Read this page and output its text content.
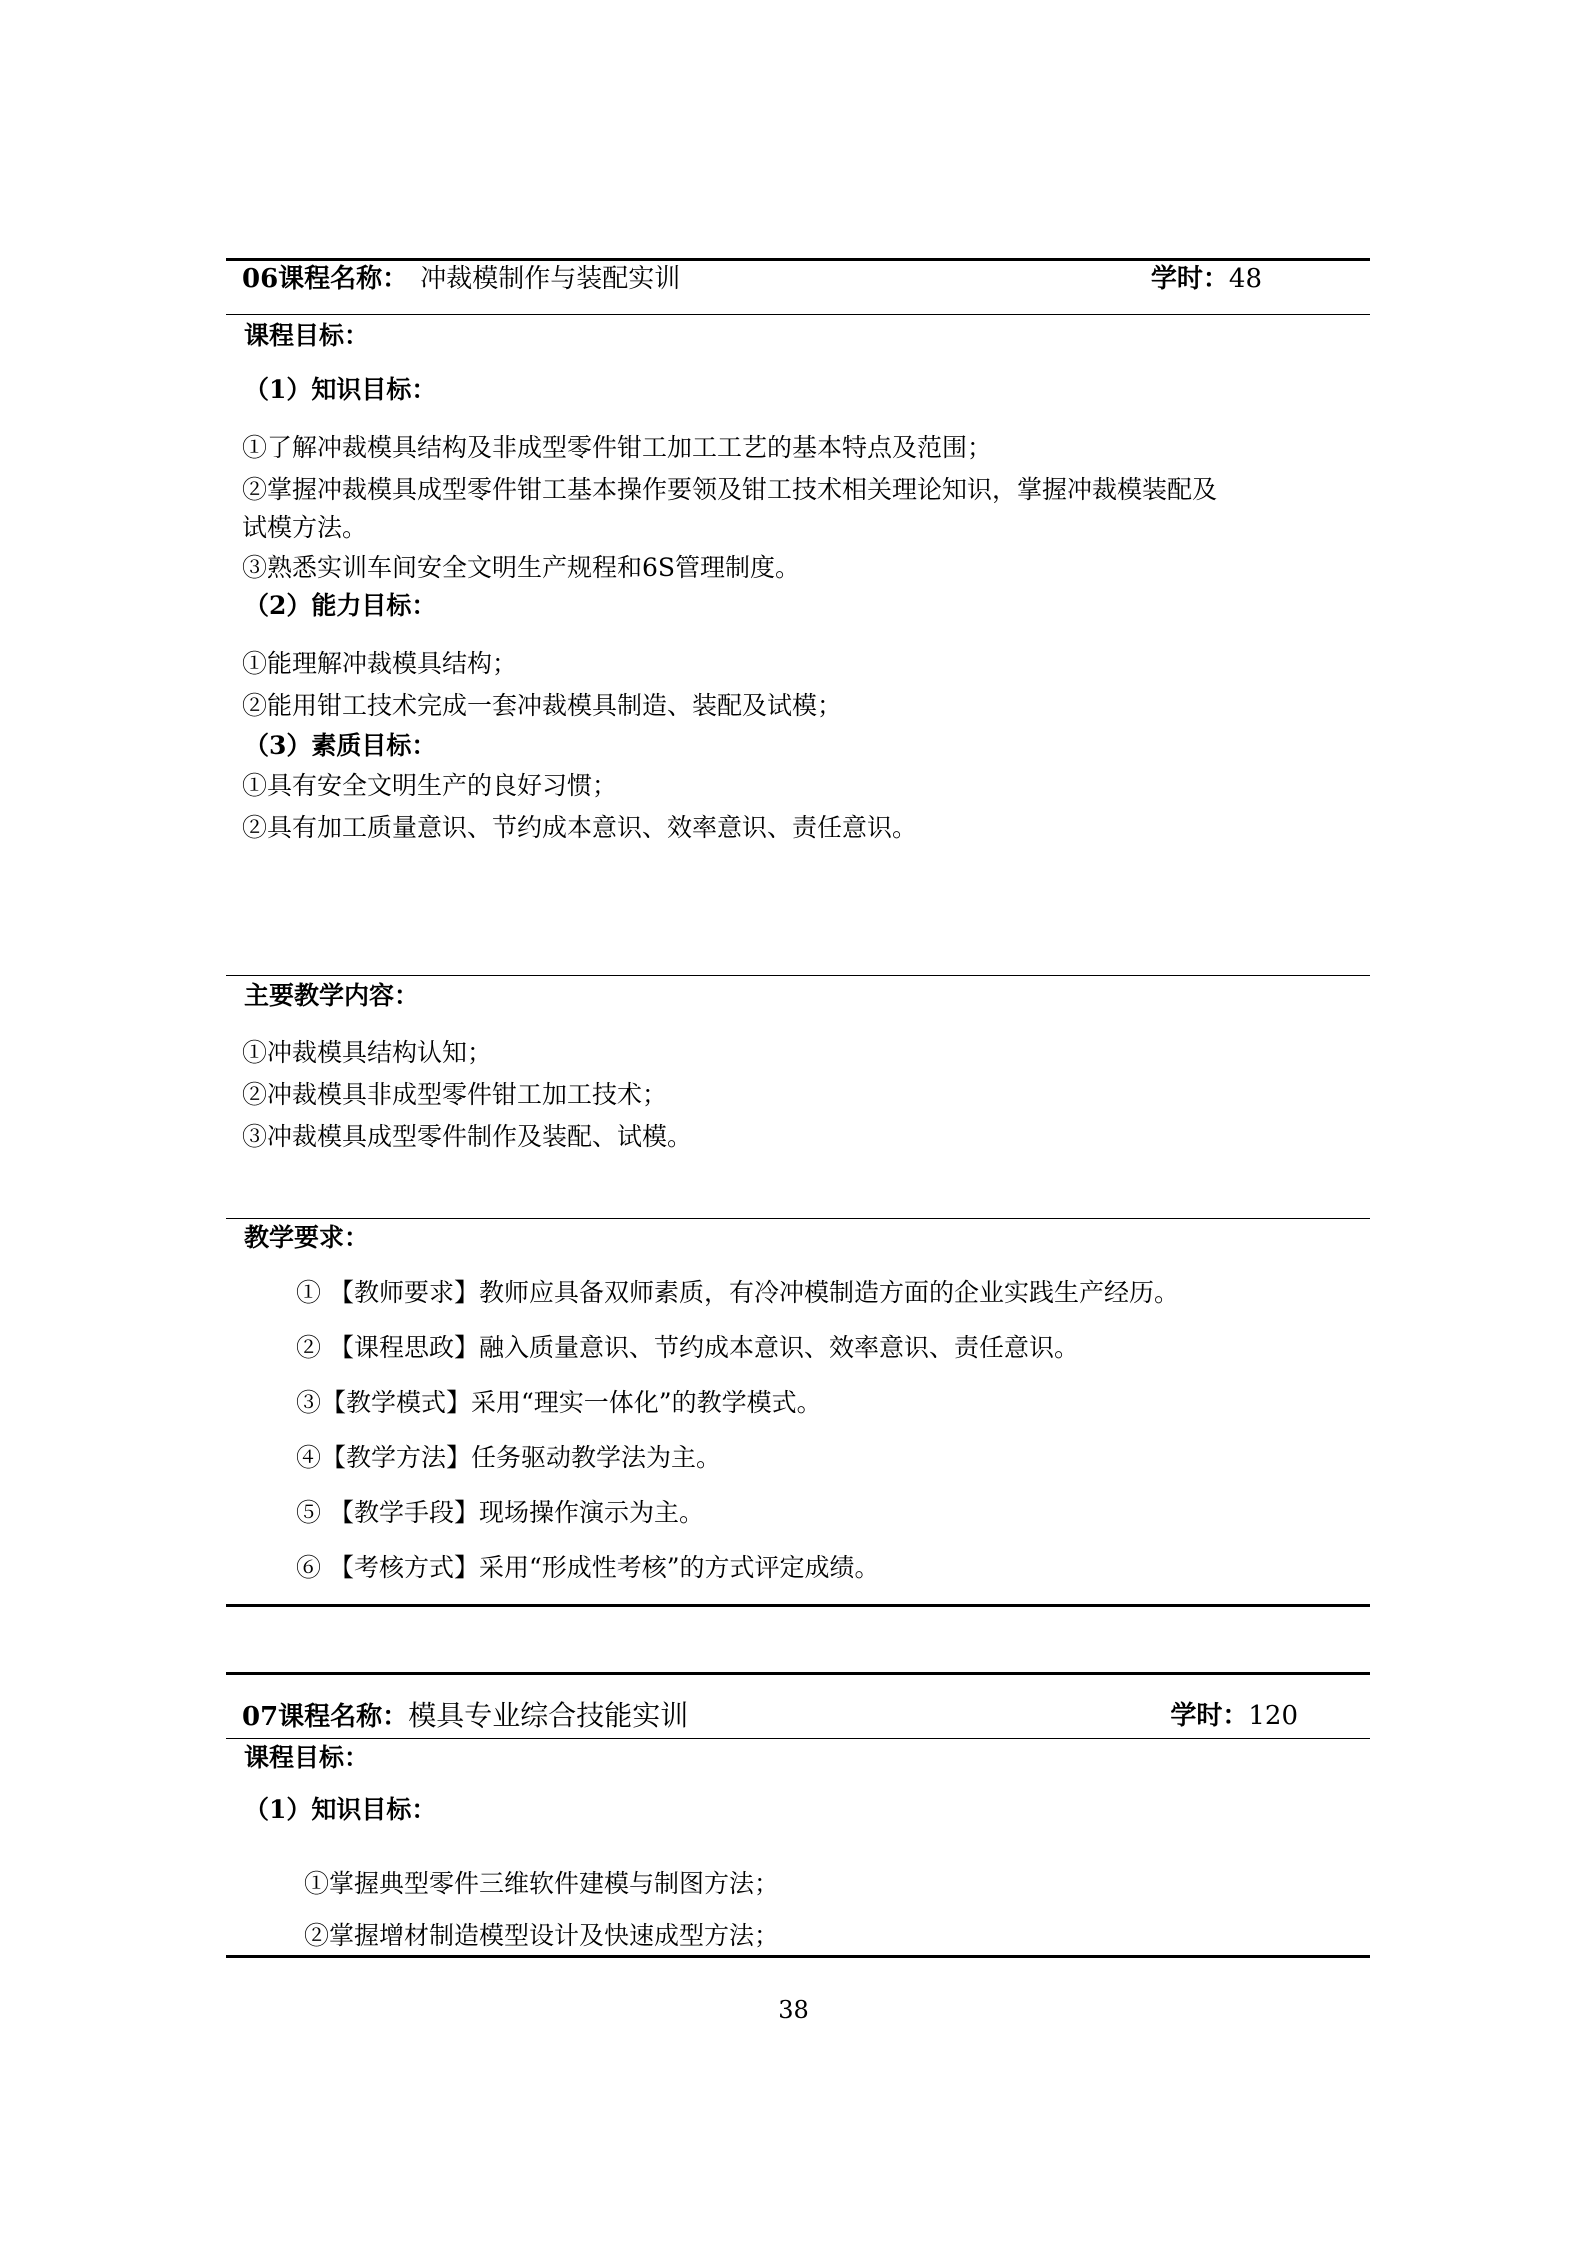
06课程名称： 冲裁模制作与装配实训	学时：48
课程目标：
（1）知识目标：
①了解冲裁模具结构及非成型零件钳工加工工艺的基本特点及范围；
②掌握冲裁模具成型零件钳工基本操作要领及钳工技术相关理论知识，掌握冲裁模装配及
试模方法。
③熟悉实训车间安全文明生产规程和6S管理制度。
（2）能力目标：
①能理解冲裁模具结构；
②能用钳工技术完成一套冲裁模具制造、装配及试模；
（3）素质目标：
①具有安全文明生产的良好习惯；
②具有加工质量意识、节约成本意识、效率意识、责任意识。
主要教学内容：
①冲裁模具结构认知；
②冲裁模具非成型零件钳工加工技术；
③冲裁模具成型零件制作及装配、试模。
教学要求：
① 【教师要求】教师应具备双师素质，有冷冲模制造方面的企业实践生产经历。
② 【课程思政】融入质量意识、节约成本意识、效率意识、责任意识。
③【教学模式】采用“理实一体化”的教学模式。
④【教学方法】任务驱动教学法为主。
⑤ 【教学手段】现场操作演示为主。
⑥ 【考核方式】采用“形成性考核”的方式评定成绩。
07课程名称：模具专业综合技能实训	学时：120
课程目标：
（1）知识目标：
①掌握典型零件三维软件建模与制图方法；
②掌握增材制造模型设计及快速成型方法；
38
